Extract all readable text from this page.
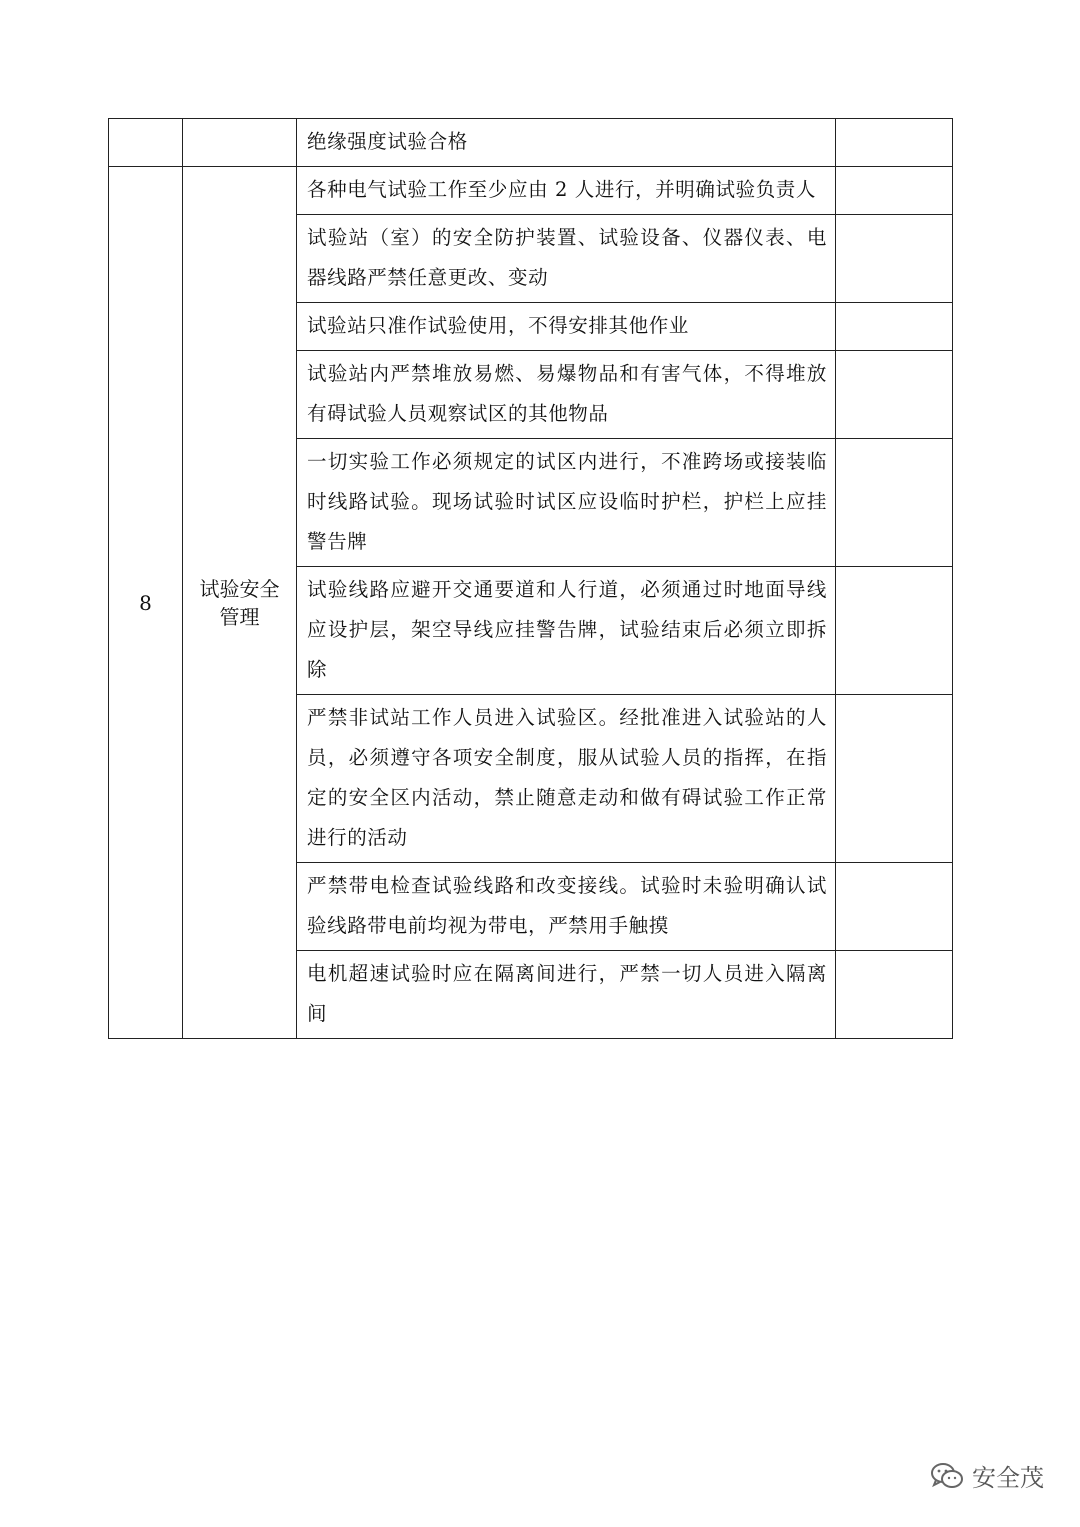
		绝缘强度试验合格	
8	试验安全管理	各种电气试验工作至少应由 2 人进行，并明确试验负责人	
		试验站（室）的安全防护装置、试验设备、仪器仪表、电器线路严禁任意更改、变动	
		试验站只准作试验使用，不得安排其他作业	
		试验站内严禁堆放易燃、易爆物品和有害气体，不得堆放有碍试验人员观察试区的其他物品	
		一切实验工作必须规定的试区内进行，不准跨场或接装临时线路试验。现场试验时试区应设临时护栏，护栏上应挂警告牌	
		试验线路应避开交通要道和人行道，必须通过时地面导线应设护层，架空导线应挂警告牌，试验结束后必须立即拆除	
		严禁非试站工作人员进入试验区。经批准进入试验站的人员，必须遵守各项安全制度，服从试验人员的指挥，在指定的安全区内活动，禁止随意走动和做有碍试验工作正常进行的活动	
		严禁带电检查试验线路和改变接线。试验时未验明确认试验线路带电前均视为带电，严禁用手触摸	
		电机超速试验时应在隔离间进行，严禁一切人员进入隔离间	
安全茂
